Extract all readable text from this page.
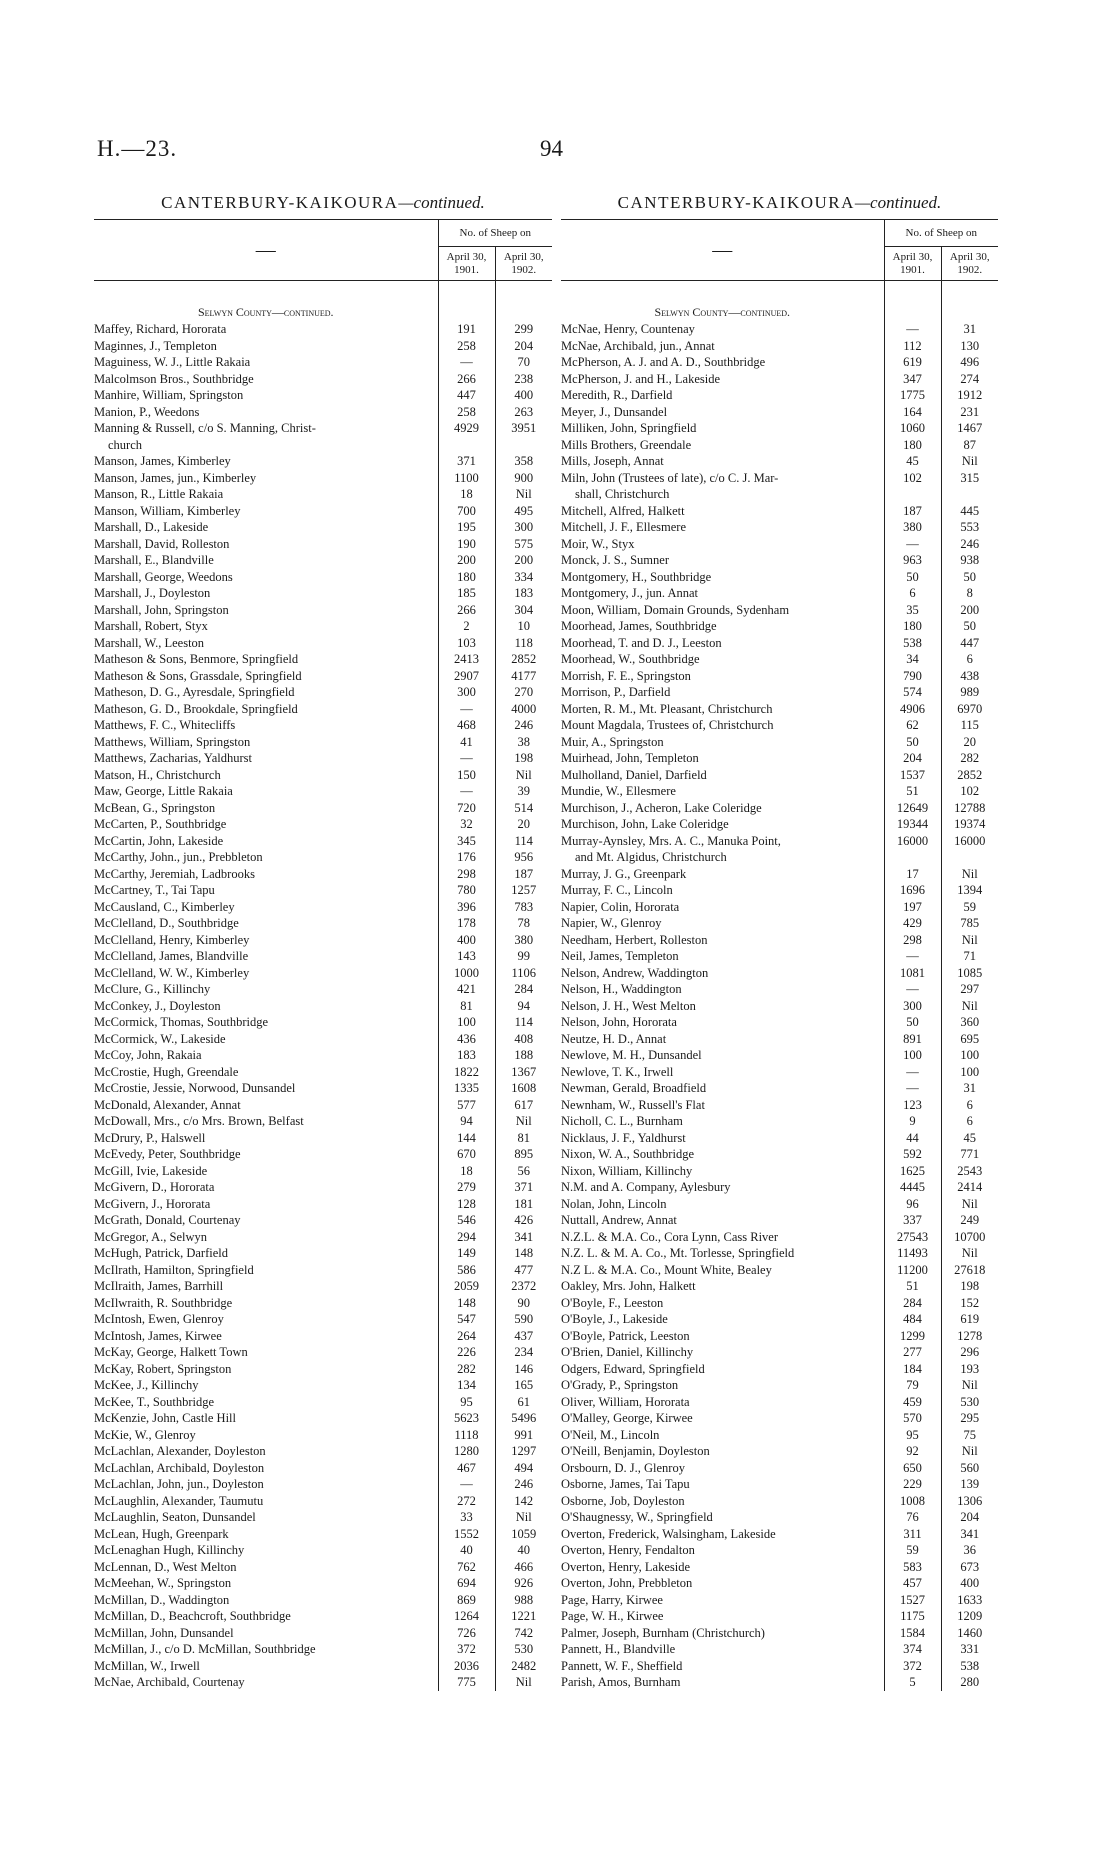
H.—23.	94
CANTERBURY-KAIKOURA—continued.
—	No. of Sheep on	
	April 30, 1901.	April 30, 1902.

Selwyn County—continued.		
Maffey, Richard, Hororata	191	299
Maginnes, J., Templeton	258	204
Maguiness, W. J., Little Rakaia	—	70
Malcolmson Bros., Southbridge	266	238
Manhire, William, Springston	447	400
Manion, P., Weedons	258	263
Manning & Russell, c/o S. Manning, Christ-	4929	3951
church		
Manson, James, Kimberley	371	358
Manson, James, jun., Kimberley	1100	900
Manson, R., Little Rakaia	18	Nil
Manson, William, Kimberley	700	495
Marshall, D., Lakeside	195	300
Marshall, David, Rolleston	190	575
Marshall, E., Blandville	200	200
Marshall, George, Weedons	180	334
Marshall, J., Doyleston	185	183
Marshall, John, Springston	266	304
Marshall, Robert, Styx	2	10
Marshall, W., Leeston	103	118
Matheson & Sons, Benmore, Springfield	2413	2852
Matheson & Sons, Grassdale, Springfield	2907	4177
Matheson, D. G., Ayresdale, Springfield	300	270
Matheson, G. D., Brookdale, Springfield	—	4000
Matthews, F. C., Whitecliffs	468	246
Matthews, William, Springston	41	38
Matthews, Zacharias, Yaldhurst	—	198
Matson, H., Christchurch	150	Nil
Maw, George, Little Rakaia	—	39
McBean, G., Springston	720	514
McCarten, P., Southbridge	32	20
McCartin, John, Lakeside	345	114
McCarthy, John., jun., Prebbleton	176	956
McCarthy, Jeremiah, Ladbrooks	298	187
McCartney, T., Tai Tapu	780	1257
McCausland, C., Kimberley	396	783
McClelland, D., Southbridge	178	78
McClelland, Henry, Kimberley	400	380
McClelland, James, Blandville	143	99
McClelland, W. W., Kimberley	1000	1106
McClure, G., Killinchy	421	284
McConkey, J., Doyleston	81	94
McCormick, Thomas, Southbridge	100	114
McCormick, W., Lakeside	436	408
McCoy, John, Rakaia	183	188
McCrostie, Hugh, Greendale	1822	1367
McCrostie, Jessie, Norwood, Dunsandel	1335	1608
McDonald, Alexander, Annat	577	617
McDowall, Mrs., c/o Mrs. Brown, Belfast	94	Nil
McDrury, P., Halswell	144	81
McEvedy, Peter, Southbridge	670	895
McGill, Ivie, Lakeside	18	56
McGivern, D., Hororata	279	371
McGivern, J., Hororata	128	181
McGrath, Donald, Courtenay	546	426
McGregor, A., Selwyn	294	341
McHugh, Patrick, Darfield	149	148
McIlrath, Hamilton, Springfield	586	477
McIlraith, James, Barrhill	2059	2372
McIlwraith, R. Southbridge	148	90
McIntosh, Ewen, Glenroy	547	590
McIntosh, James, Kirwee	264	437
McKay, George, Halkett Town	226	234
McKay, Robert, Springston	282	146
McKee, J., Killinchy	134	165
McKee, T., Southbridge	95	61
McKenzie, John, Castle Hill	5623	5496
McKie, W., Glenroy	1118	991
McLachlan, Alexander, Doyleston	1280	1297
McLachlan, Archibald, Doyleston	467	494
McLachlan, John, jun., Doyleston	—	246
McLaughlin, Alexander, Taumutu	272	142
McLaughlin, Seaton, Dunsandel	33	Nil
McLean, Hugh, Greenpark	1552	1059
McLenaghan Hugh, Killinchy	40	40
McLennan, D., West Melton	762	466
McMeehan, W., Springston	694	926
McMillan, D., Waddington	869	988
McMillan, D., Beachcroft, Southbridge	1264	1221
McMillan, John, Dunsandel	726	742
McMillan, J., c/o D. McMillan, Southbridge	372	530
McMillan, W., Irwell	2036	2482
McNae, Archibald, Courtenay	775	Nil
CANTERBURY-KAIKOURA—continued.
—	No. of Sheep on	
	April 30, 1901.	April 30, 1902.

Selwyn County—continued.		
McNae, Henry, Countenay	—	31
McNae, Archibald, jun., Annat	112	130
McPherson, A. J. and A. D., Southbridge	619	496
McPherson, J. and H., Lakeside	347	274
Meredith, R., Darfield	1775	1912
Meyer, J., Dunsandel	164	231
Milliken, John, Springfield	1060	1467
Mills Brothers, Greendale	180	87
Mills, Joseph, Annat	45	Nil
Miln, John (Trustees of late), c/o C. J. Mar-	102	315
shall, Christchurch		
Mitchell, Alfred, Halkett	187	445
Mitchell, J. F., Ellesmere	380	553
Moir, W., Styx	—	246
Monck, J. S., Sumner	963	938
Montgomery, H., Southbridge	50	50
Montgomery, J., jun. Annat	6	8
Moon, William, Domain Grounds, Sydenham	35	200
Moorhead, James, Southbridge	180	50
Moorhead, T. and D. J., Leeston	538	447
Moorhead, W., Southbridge	34	6
Morrish, F. E., Springston	790	438
Morrison, P., Darfield	574	989
Morten, R. M., Mt. Pleasant, Christchurch	4906	6970
Mount Magdala, Trustees of, Christchurch	62	115
Muir, A., Springston	50	20
Muirhead, John, Templeton	204	282
Mulholland, Daniel, Darfield	1537	2852
Mundie, W., Ellesmere	51	102
Murchison, J., Acheron, Lake Coleridge	12649	12788
Murchison, John, Lake Coleridge	19344	19374
Murray-Aynsley, Mrs. A. C., Manuka Point,	16000	16000
and Mt. Algidus, Christchurch		
Murray, J. G., Greenpark	17	Nil
Murray, F. C., Lincoln	1696	1394
Napier, Colin, Hororata	197	59
Napier, W., Glenroy	429	785
Needham, Herbert, Rolleston	298	Nil
Neil, James, Templeton	—	71
Nelson, Andrew, Waddington	1081	1085
Nelson, H., Waddington	—	297
Nelson, J. H., West Melton	300	Nil
Nelson, John, Hororata	50	360
Neutze, H. D., Annat	891	695
Newlove, M. H., Dunsandel	100	100
Newlove, T. K., Irwell	—	100
Newman, Gerald, Broadfield	—	31
Newnham, W., Russell's Flat	123	6
Nicholl, C. L., Burnham	9	6
Nicklaus, J. F., Yaldhurst	44	45
Nixon, W. A., Southbridge	592	771
Nixon, William, Killinchy	1625	2543
N.M. and A. Company, Aylesbury	4445	2414
Nolan, John, Lincoln	96	Nil
Nuttall, Andrew, Annat	337	249
N.Z.L. & M.A. Co., Cora Lynn, Cass River	27543	10700
N.Z. L. & M. A. Co., Mt. Torlesse, Springfield	11493	Nil
N.Z L. & M.A. Co., Mount White, Bealey	11200	27618
Oakley, Mrs. John, Halkett	51	198
O'Boyle, F., Leeston	284	152
O'Boyle, J., Lakeside	484	619
O'Boyle, Patrick, Leeston	1299	1278
O'Brien, Daniel, Killinchy	277	296
Odgers, Edward, Springfield	184	193
O'Grady, P., Springston	79	Nil
Oliver, William, Hororata	459	530
O'Malley, George, Kirwee	570	295
O'Neil, M., Lincoln	95	75
O'Neill, Benjamin, Doyleston	92	Nil
Orsbourn, D. J., Glenroy	650	560
Osborne, James, Tai Tapu	229	139
Osborne, Job, Doyleston	1008	1306
O'Shaugnessy, W., Springfield	76	204
Overton, Frederick, Walsingham, Lakeside	311	341
Overton, Henry, Fendalton	59	36
Overton, Henry, Lakeside	583	673
Overton, John, Prebbleton	457	400
Page, Harry, Kirwee	1527	1633
Page, W. H., Kirwee	1175	1209
Palmer, Joseph, Burnham (Christchurch)	1584	1460
Pannett, H., Blandville	374	331
Pannett, W. F., Sheffield	372	538
Parish, Amos, Burnham	5	280
